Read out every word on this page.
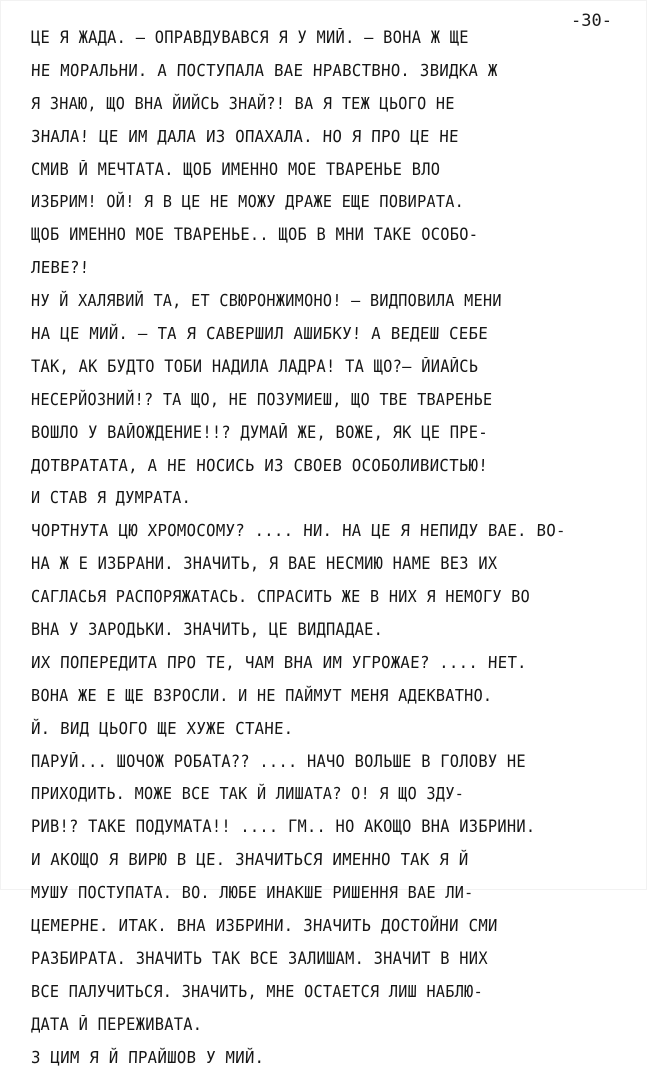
-30-
ЦЕ Я ЖАДА. — ОПРАВДУВАВСЯ Я У МИЙ. — ВОНА Ж ЩЕ
НЕ МОРАЛЬНИ. А ПОСТУПАЛА ВАЕ НРАВСТВНО. ЗВИДКА Ж
Я ЗНАЮ, ЩО ВНА ЙИЙСЬ ЗНАЙ?! ВА Я ТЕЖ ЦЬОГО НЕ
ЗНАЛА! ЦЕ ИМ ДАЛА ИЗ ОПАХАЛА. НО Я ПРО ЦЕ НЕ
СМИВ Й МЕЧТАТА. ЩОБ ИМЕННО МОЕ ТВАРЕНЬЕ ВЛО
ИЗБРИМ! ОЙ! Я В ЦЕ НЕ МОЖУ ДРАЖЕ ЕЩЕ ПОВИРАТА.
ЩОБ ИМЕННО МОЕ ТВАРЕНЬЕ.. ЩОБ В МНИ ТАКЕ ОСОБО-
ЛЕВЕ?!
НУ Й ХАЛЯВИЙ ТА, ЕТ СВЮРОНЖИМОНО! — ВИДПОВИЛА МЕНИ
НА ЦЕ МИЙ. — ТА Я САВЕРШИЛ АШИБКУ! А ВЕДЕШ СЕБЕ
ТАК, АК БУДТО ТОБИ НАДИЛА ЛАДРА! ТА ЩО?— ЙИАЙСЬ
НЕСЕРЙОЗНИЙ!? ТА ЩО, НЕ ПОЗУМИЕШ, ЩО ТВЕ ТВАРЕНЬЕ
ВОШЛО У ВАЙОЖДЕНИЕ!!? ДУМАЙ ЖЕ, ВОЖЕ, ЯК ЦЕ ПРЕ-
ДОТВРАТАТА, А НЕ НОСИСЬ ИЗ СВОЕВ ОСОБОЛИВИСТЬЮ!
И СТАВ Я ДУМРАТА.
ЧОРТНУТА ЦЮ ХРОМОСОМУ? .... НИ. НА ЦЕ Я НЕПИДУ ВАЕ. ВО-
НА Ж Е ИЗБРАНИ. ЗНАЧИТЬ, Я ВАЕ НЕСМИЮ НАМЕ ВЕЗ ИХ
САГЛАСЬЯ РАСПОРЯЖАТАСЬ. СПРАСИТЬ ЖЕ В НИХ Я НЕМОГУ ВО
ВНА У ЗАРОДЬКИ. ЗНАЧИТЬ, ЦЕ ВИДПАДАЕ.
ИХ ПОПЕРЕДИТА ПРО ТЕ, ЧАМ ВНА ИМ УГРОЖАЕ? .... НЕТ.
ВОНА ЖЕ Е ЩЕ ВЗРОСЛИ. И НЕ ПАЙМУТ МЕНЯ АДЕКВАТНО.
Й. ВИД ЦЬОГО ЩЕ ХУЖЕ СТАНЕ.
ПАРУЙ... ШОЧОЖ РОБАТА?? .... НАЧО ВОЛЬШЕ В ГОЛОВУ НЕ
ПРИХОДИТЬ. МОЖЕ ВСЕ ТАК Й ЛИШАТА? О! Я ЩО ЗДУ-
РИВ!? ТАКЕ ПОДУМАТА!! .... ГМ.. НО АКОЩО ВНА ИЗБРИНИ.
И АКОЩО Я ВИРЮ В ЦЕ. ЗНАЧИТЬСЯ ИМЕННО ТАК Я Й
МУШУ ПОСТУПАТА. ВО. ЛЮБЕ ИНАКШЕ РИШЕННЯ ВАЕ ЛИ-
ЦЕМЕРНЕ. ИТАК. ВНА ИЗБРИНИ. ЗНАЧИТЬ ДОСТОЙНИ СМИ
РАЗБИРАТА. ЗНАЧИТЬ ТАК ВСЕ ЗАЛИШАМ. ЗНАЧИТ В НИХ
ВСЕ ПАЛУЧИТЬСЯ. ЗНАЧИТЬ, МНЕ ОСТАЕТСЯ ЛИШ НАБЛЮ-
ДАТА Й ПЕРЕЖИВАТА.
З ЦИМ Я Й ПРАЙШОВ У МИЙ.
